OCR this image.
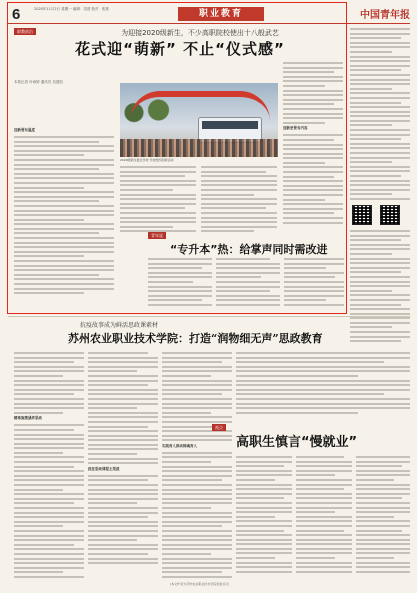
6	2020年11月2日 星期一 编辑：栾建 校对：张燕	职业教育	中国青年报
职教前沿	为迎接2020级新生，不少高职院校使出十八般武艺
花式迎“萌新” 不止“仪式感”
本报记者 叶雨婷 通讯员 吴建凯
迎新要有温度
2020级新生抵达学校 学校组织迎新活动
迎新更要有内容
青年说
“专升本”热：给掌声同时需改进
抗疫故事成为鲜活思政课素材
苏州农业职业技术学院：打造“润物细无声”思政教育
精准施策涵养思政
抓住思政课程主渠道
实践育人推动铸魂育人
视点
高职生慎言“慢就业”
(本文作者为苏州农业职业技术学院党委书记)
